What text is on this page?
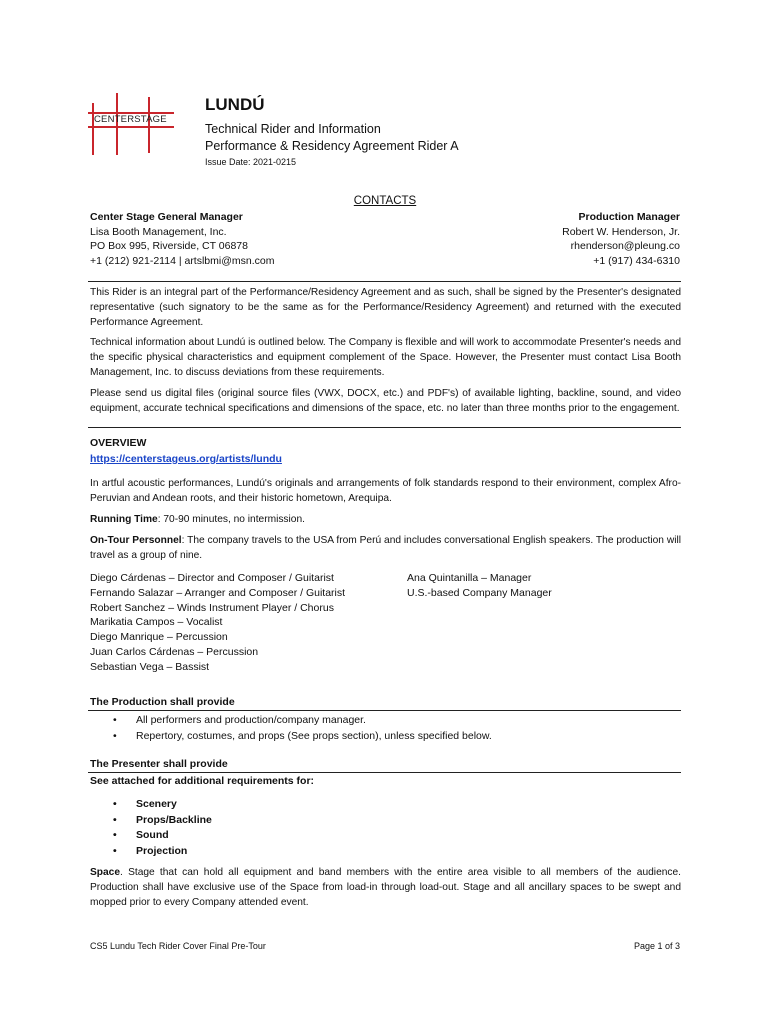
CENTERSTAGE
LUNDÚ
Technical Rider and Information
Performance & Residency Agreement Rider A
Issue Date: 2021-0215
CONTACTS
Center Stage General Manager
Lisa Booth Management, Inc.
PO Box 995, Riverside, CT 06878
+1 (212) 921-2114 | artslbmi@msn.com
Production Manager
Robert W. Henderson, Jr.
rhenderson@pleung.co
+1 (917) 434-6310
This Rider is an integral part of the Performance/Residency Agreement and as such, shall be signed by the Presenter's designated representative (such signatory to be the same as for the Performance/Residency Agreement) and returned with the executed Performance Agreement.
Technical information about Lundú is outlined below. The Company is flexible and will work to accommodate Presenter's needs and the specific physical characteristics and equipment complement of the Space. However, the Presenter must contact Lisa Booth Management, Inc. to discuss deviations from these requirements.
Please send us digital files (original source files (VWX, DOCX, etc.) and PDF's) of available lighting, backline, sound, and video equipment, accurate technical specifications and dimensions of the space, etc. no later than three months prior to the engagement.
OVERVIEW
https://centerstageus.org/artists/lundu
In artful acoustic performances, Lundú's originals and arrangements of folk standards respond to their environment, complex Afro-Peruvian and Andean roots, and their historic hometown, Arequipa.
Running Time: 70-90 minutes, no intermission.
On-Tour Personnel: The company travels to the USA from Perú and includes conversational English speakers. The production will travel as a group of nine.
Diego Cárdenas – Director and Composer / Guitarist
Fernando Salazar – Arranger and Composer / Guitarist
Robert Sanchez – Winds Instrument Player / Chorus
Marikatia Campos – Vocalist
Diego Manrique – Percussion
Juan Carlos Cárdenas – Percussion
Sebastian Vega – Bassist
Ana Quintanilla – Manager
U.S.-based Company Manager
The Production shall provide
• All performers and production/company manager.
• Repertory, costumes, and props (See props section), unless specified below.
The Presenter shall provide
See attached for additional requirements for:
• Scenery
• Props/Backline
• Sound
• Projection
Space. Stage that can hold all equipment and band members with the entire area visible to all members of the audience. Production shall have exclusive use of the Space from load-in through load-out. Stage and all ancillary spaces to be swept and mopped prior to every Company attended event.
CS5 Lundu Tech Rider Cover Final Pre-Tour	Page 1 of 3
